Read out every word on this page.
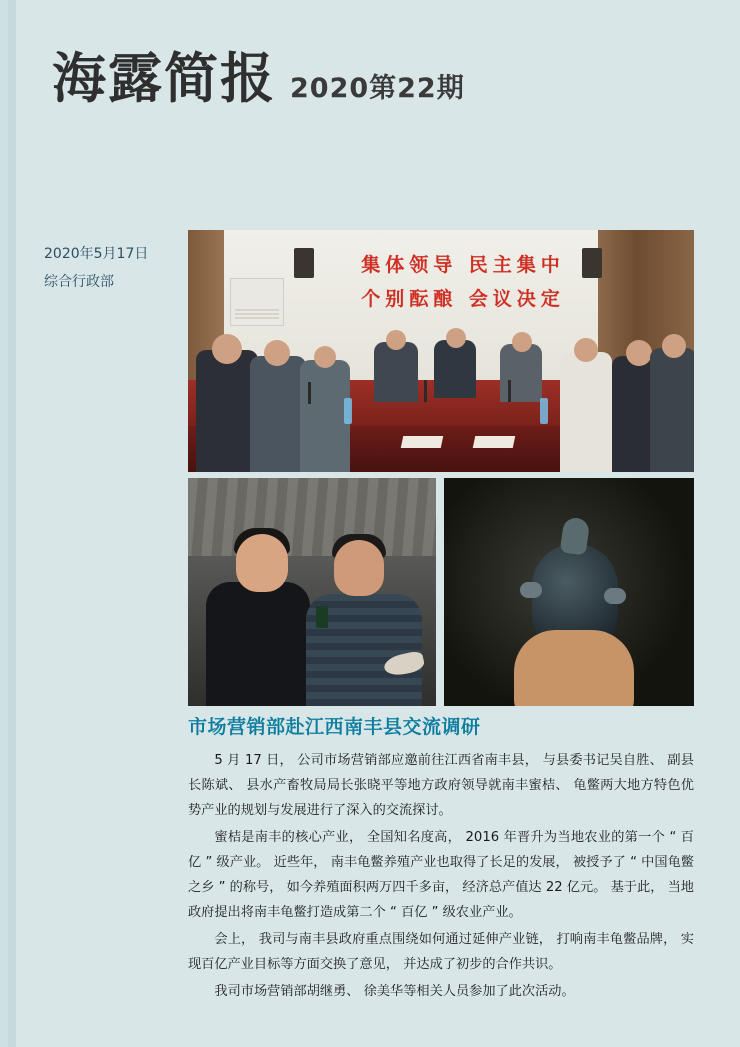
海露简报 2020第22期
2020年5月17日
综合行政部
集体领导 民主集中
个别酝酿 会议决定
市场营销部赴江西南丰县交流调研

5 月 17 日， 公司市场营销部应邀前往江西省南丰县， 与县委书记吴自胜、 副县长陈斌、 县水产畜牧局局长张晓平等地方政府领导就南丰蜜桔、 龟鳖两大地方特色优势产业的规划与发展进行了深入的交流探讨。

蜜桔是南丰的核心产业， 全国知名度高， 2016 年晋升为当地农业的第一个 “ 百亿 ” 级产业。 近些年， 南丰龟鳖养殖产业也取得了长足的发展， 被授予了 “ 中国龟鳖之乡 ” 的称号， 如今养殖面积两万四千多亩， 经济总产值达 22 亿元。 基于此， 当地政府提出将南丰龟鳖打造成第二个 “ 百亿 ” 级农业产业。

会上， 我司与南丰县政府重点围绕如何通过延伸产业链， 打响南丰龟鳖品牌， 实现百亿产业目标等方面交换了意见， 并达成了初步的合作共识。

我司市场营销部胡继勇、 徐美华等相关人员参加了此次活动。
